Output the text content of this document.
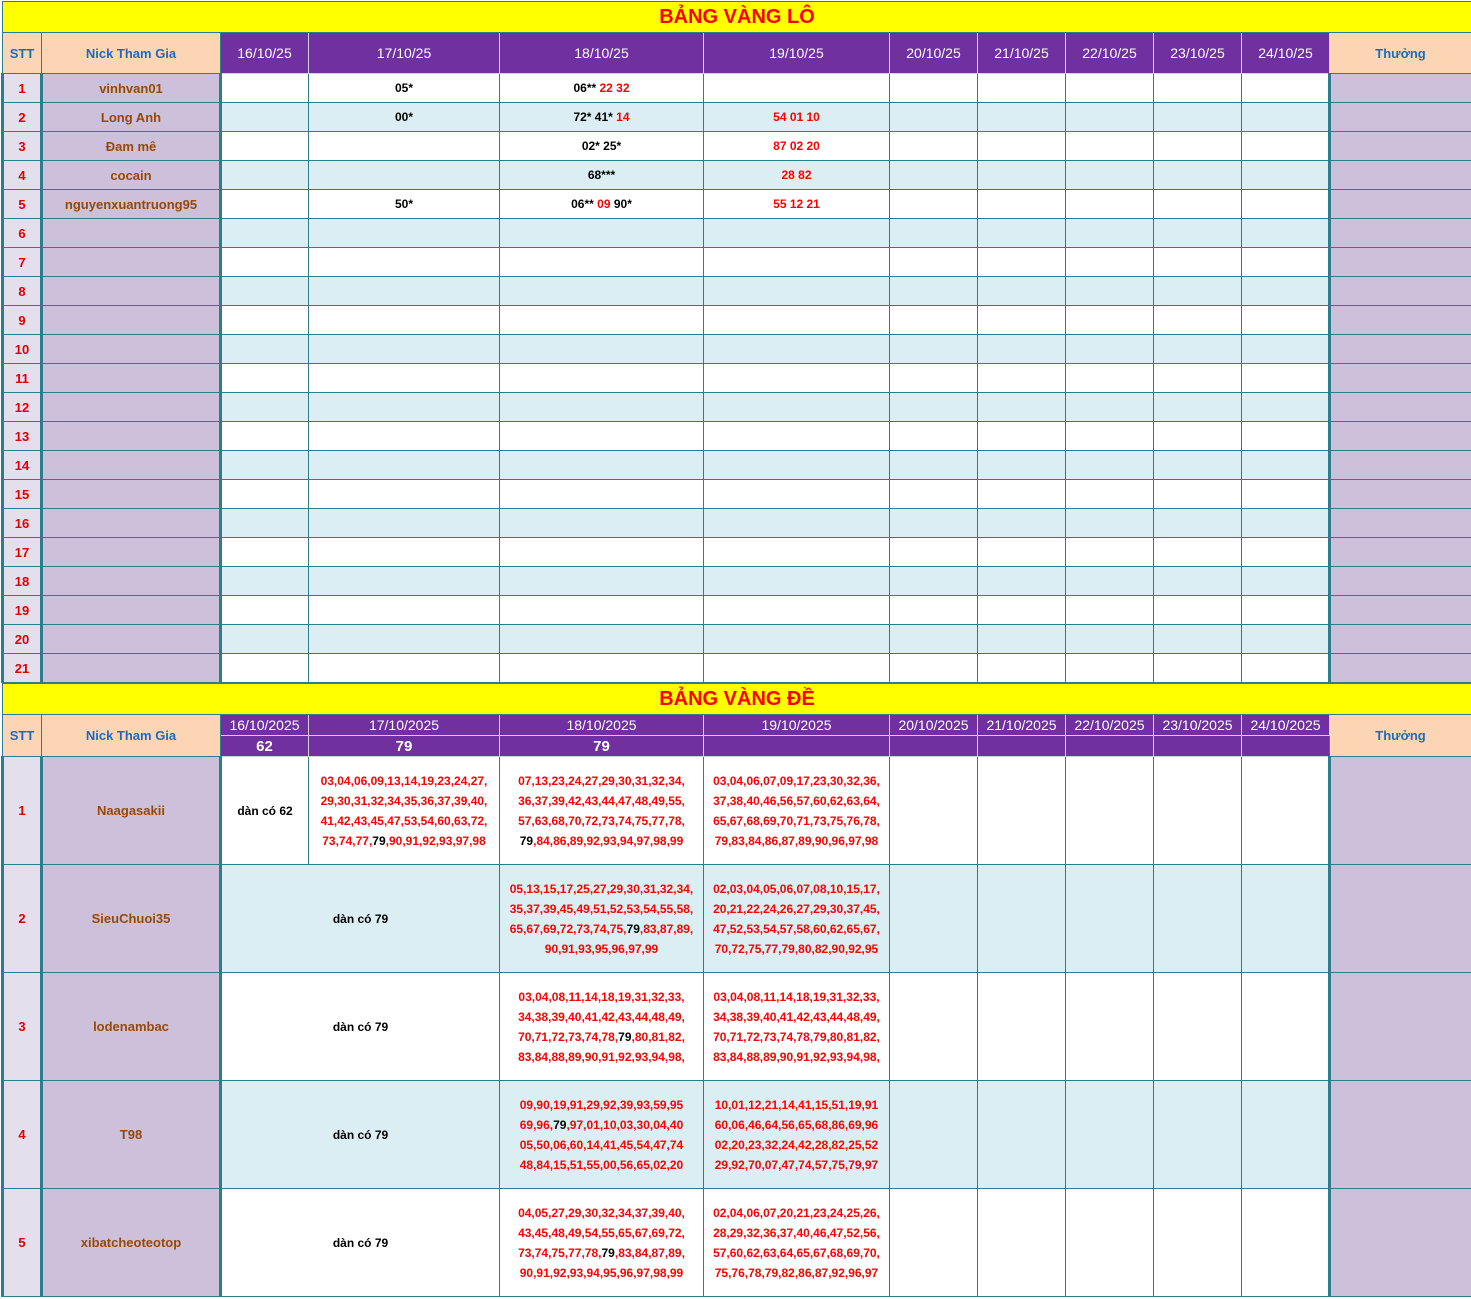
BẢNG VÀNG LÔ											
STT	Nick Tham Gia	16/10/25	17/10/25	18/10/25	19/10/25	20/10/25	21/10/25	22/10/25	23/10/25	24/10/25	Thưởng
1	vinhvan01		05*	06** 22 32							
2	Long Anh		00*	72* 41* 14	54 01 10						
3	Đam mê			02* 25*	87 02 20						
4	cocain			68***	28 82						
5	nguyenxuantruong95		50*	06** 09 90*	55 12 21						
6											
7											
8											
9											
10											
11											
12											
13											
14											
15											
16											
17											
18											
19											
20											
21											
BẢNG VÀNG ĐỀ											
STT	Nick Tham Gia	16/10/2025	17/10/2025	18/10/2025	19/10/2025	20/10/2025	21/10/2025	22/10/2025	23/10/2025	24/10/2025	Thưởng
		62	79	79							
1	Naagasakii	dàn có 62	03,04,06,09,13,14,19,23,24,27,
29,30,31,32,34,35,36,37,39,40,
41,42,43,45,47,53,54,60,63,72,
73,74,77,79,90,91,92,93,97,98	07,13,23,24,27,29,30,31,32,34,
36,37,39,42,43,44,47,48,49,55,
57,63,68,70,72,73,74,75,77,78,
79,84,86,89,92,93,94,97,98,99	03,04,06,07,09,17,23,30,32,36,
37,38,40,46,56,57,60,62,63,64,
65,67,68,69,70,71,73,75,76,78,
79,83,84,86,87,89,90,96,97,98						

2	SieuChuoi35	dàn có 79		05,13,15,17,25,27,29,30,31,32,34,
35,37,39,45,49,51,52,53,54,55,58,
65,67,69,72,73,74,75,79,83,87,89,
90,91,93,95,96,97,99	02,03,04,05,06,07,08,10,15,17,
20,21,22,24,26,27,29,30,37,45,
47,52,53,54,57,58,60,62,65,67,
70,72,75,77,79,80,82,90,92,95						

3	lodenambac	dàn có 79		03,04,08,11,14,18,19,31,32,33,
34,38,39,40,41,42,43,44,48,49,
70,71,72,73,74,78,79,80,81,82,
83,84,88,89,90,91,92,93,94,98,	03,04,08,11,14,18,19,31,32,33,
34,38,39,40,41,42,43,44,48,49,
70,71,72,73,74,78,79,80,81,82,
83,84,88,89,90,91,92,93,94,98,						

4	T98	dàn có 79		09,90,19,91,29,92,39,93,59,95
69,96,79,97,01,10,03,30,04,40
05,50,06,60,14,41,45,54,47,74
48,84,15,51,55,00,56,65,02,20	10,01,12,21,14,41,15,51,19,91
60,06,46,64,56,65,68,86,69,96
02,20,23,32,24,42,28,82,25,52
29,92,70,07,47,74,57,75,79,97						

5	xibatcheoteotop	dàn có 79		04,05,27,29,30,32,34,37,39,40,
43,45,48,49,54,55,65,67,69,72,
73,74,75,77,78,79,83,84,87,89,
90,91,92,93,94,95,96,97,98,99	02,04,06,07,20,21,23,24,25,26,
28,29,32,36,37,40,46,47,52,56,
57,60,62,63,64,65,67,68,69,70,
75,76,78,79,82,86,87,92,96,97						
